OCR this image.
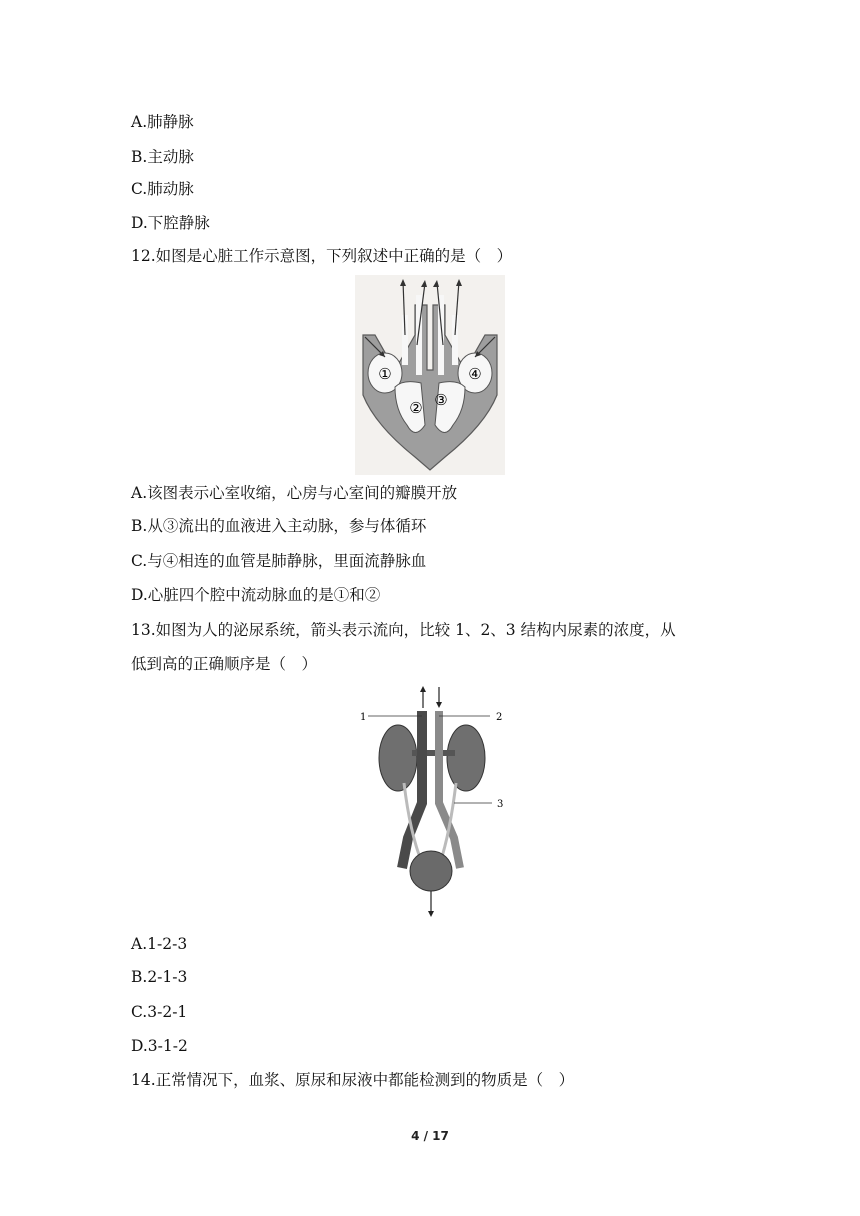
A.肺静脉
B.主动脉
C.肺动脉
D.下腔静脉
12.如图是心脏工作示意图，下列叙述中正确的是（　）
①
② ③
④
A.该图表示心室收缩，心房与心室间的瓣膜开放
B.从③流出的血液进入主动脉，参与体循环
C.与④相连的血管是肺静脉，里面流静脉血
D.心脏四个腔中流动脉血的是①和②
13.如图为人的泌尿系统，箭头表示流向，比较 1、2、3 结构内尿素的浓度，从
低到高的正确顺序是（　）
1	2
3
A.1-2-3
B.2-1-3
C.3-2-1
D.3-1-2
14.正常情况下，血浆、原尿和尿液中都能检测到的物质是（　）
4 / 17
